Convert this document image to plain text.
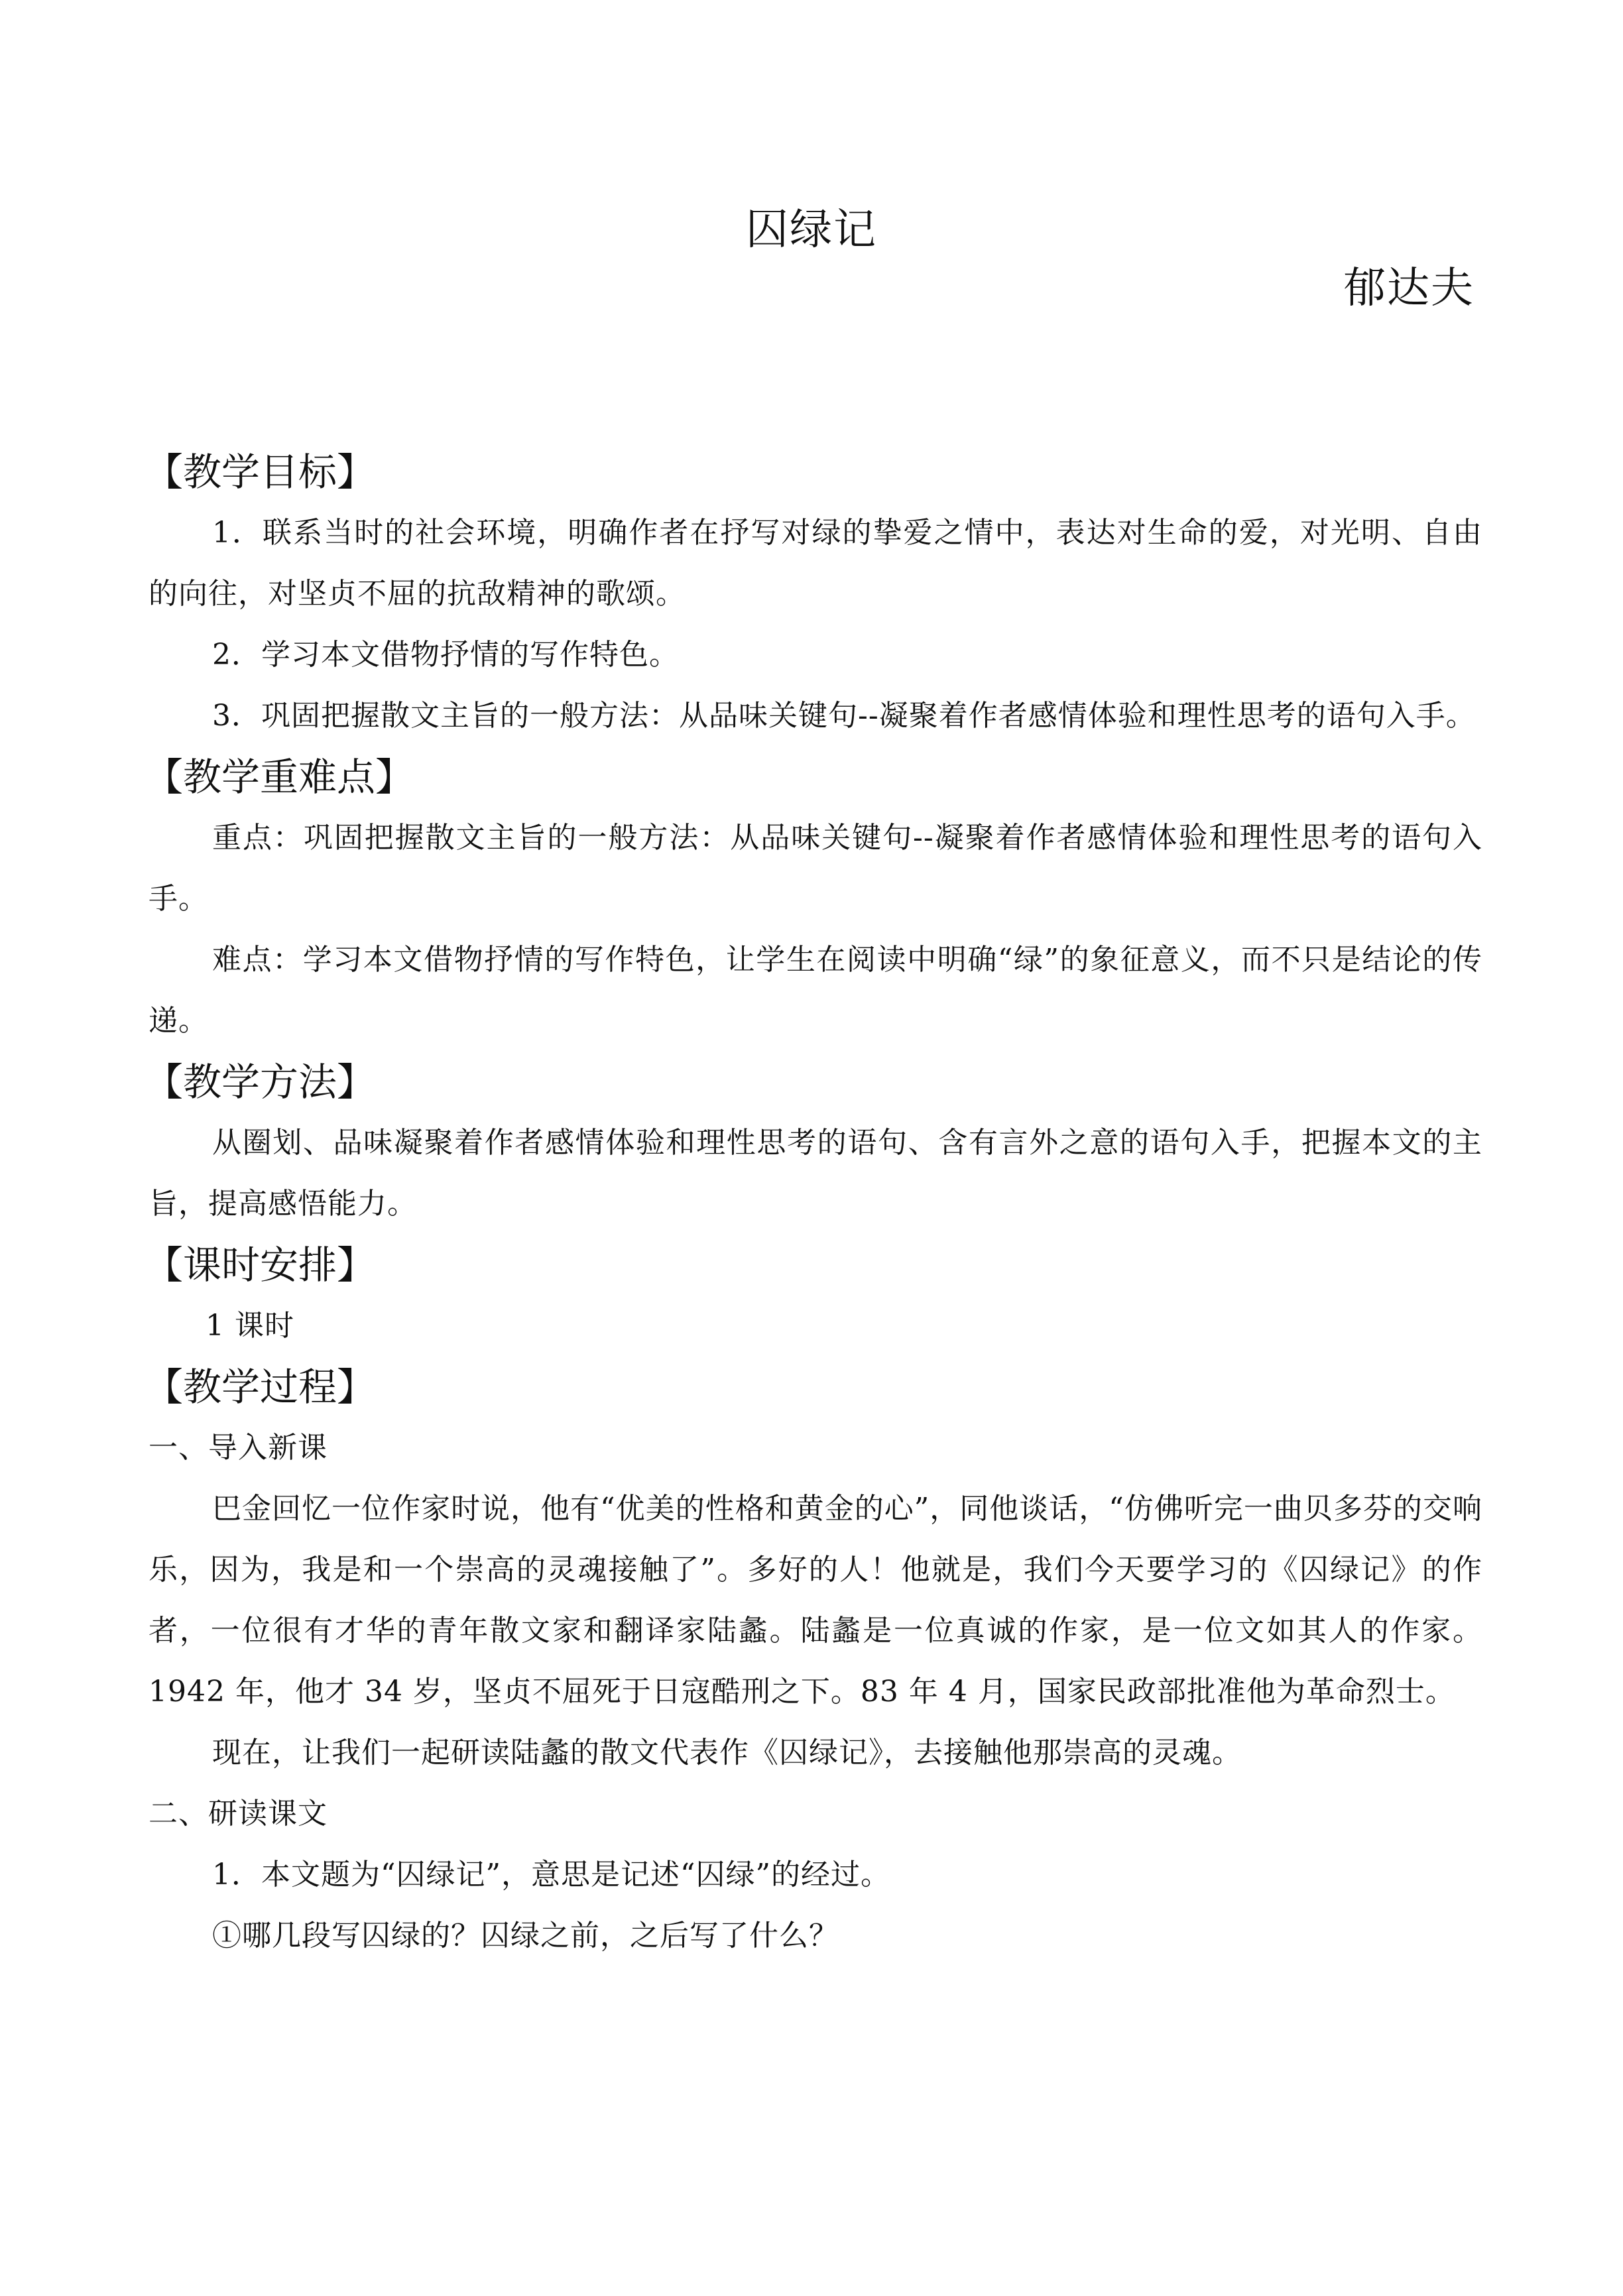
囚绿记
郁达夫
【教学目标】

1．联系当时的社会环境，明确作者在抒写对绿的挚爱之情中，表达对生命的爱，对光明、自由的向往，对坚贞不屈的抗敌精神的歌颂。

2．学习本文借物抒情的写作特色。

3．巩固把握散文主旨的一般方法：从品味关键句--凝聚着作者感情体验和理性思考的语句入手。

【教学重难点】

重点：巩固把握散文主旨的一般方法：从品味关键句--凝聚着作者感情体验和理性思考的语句入手。

难点：学习本文借物抒情的写作特色，让学生在阅读中明确“绿”的象征意义，而不只是结论的传递。

【教学方法】

从圈划、品味凝聚着作者感情体验和理性思考的语句、含有言外之意的语句入手，把握本文的主旨，提高感悟能力。

【课时安排】

1 课时

【教学过程】

一、导入新课

巴金回忆一位作家时说，他有“优美的性格和黄金的心”，同他谈话，“仿佛听完一曲贝多芬的交响乐，因为，我是和一个崇高的灵魂接触了”。多好的人！他就是，我们今天要学习的《囚绿记》的作者，一位很有才华的青年散文家和翻译家陆蠡。陆蠡是一位真诚的作家，是一位文如其人的作家。1942 年，他才 34 岁，坚贞不屈死于日寇酷刑之下。83 年 4 月，国家民政部批准他为革命烈士。

现在，让我们一起研读陆蠡的散文代表作《囚绿记》，去接触他那崇高的灵魂。

二、研读课文

1．本文题为“囚绿记”，意思是记述“囚绿”的经过。

①哪几段写囚绿的？囚绿之前，之后写了什么？
